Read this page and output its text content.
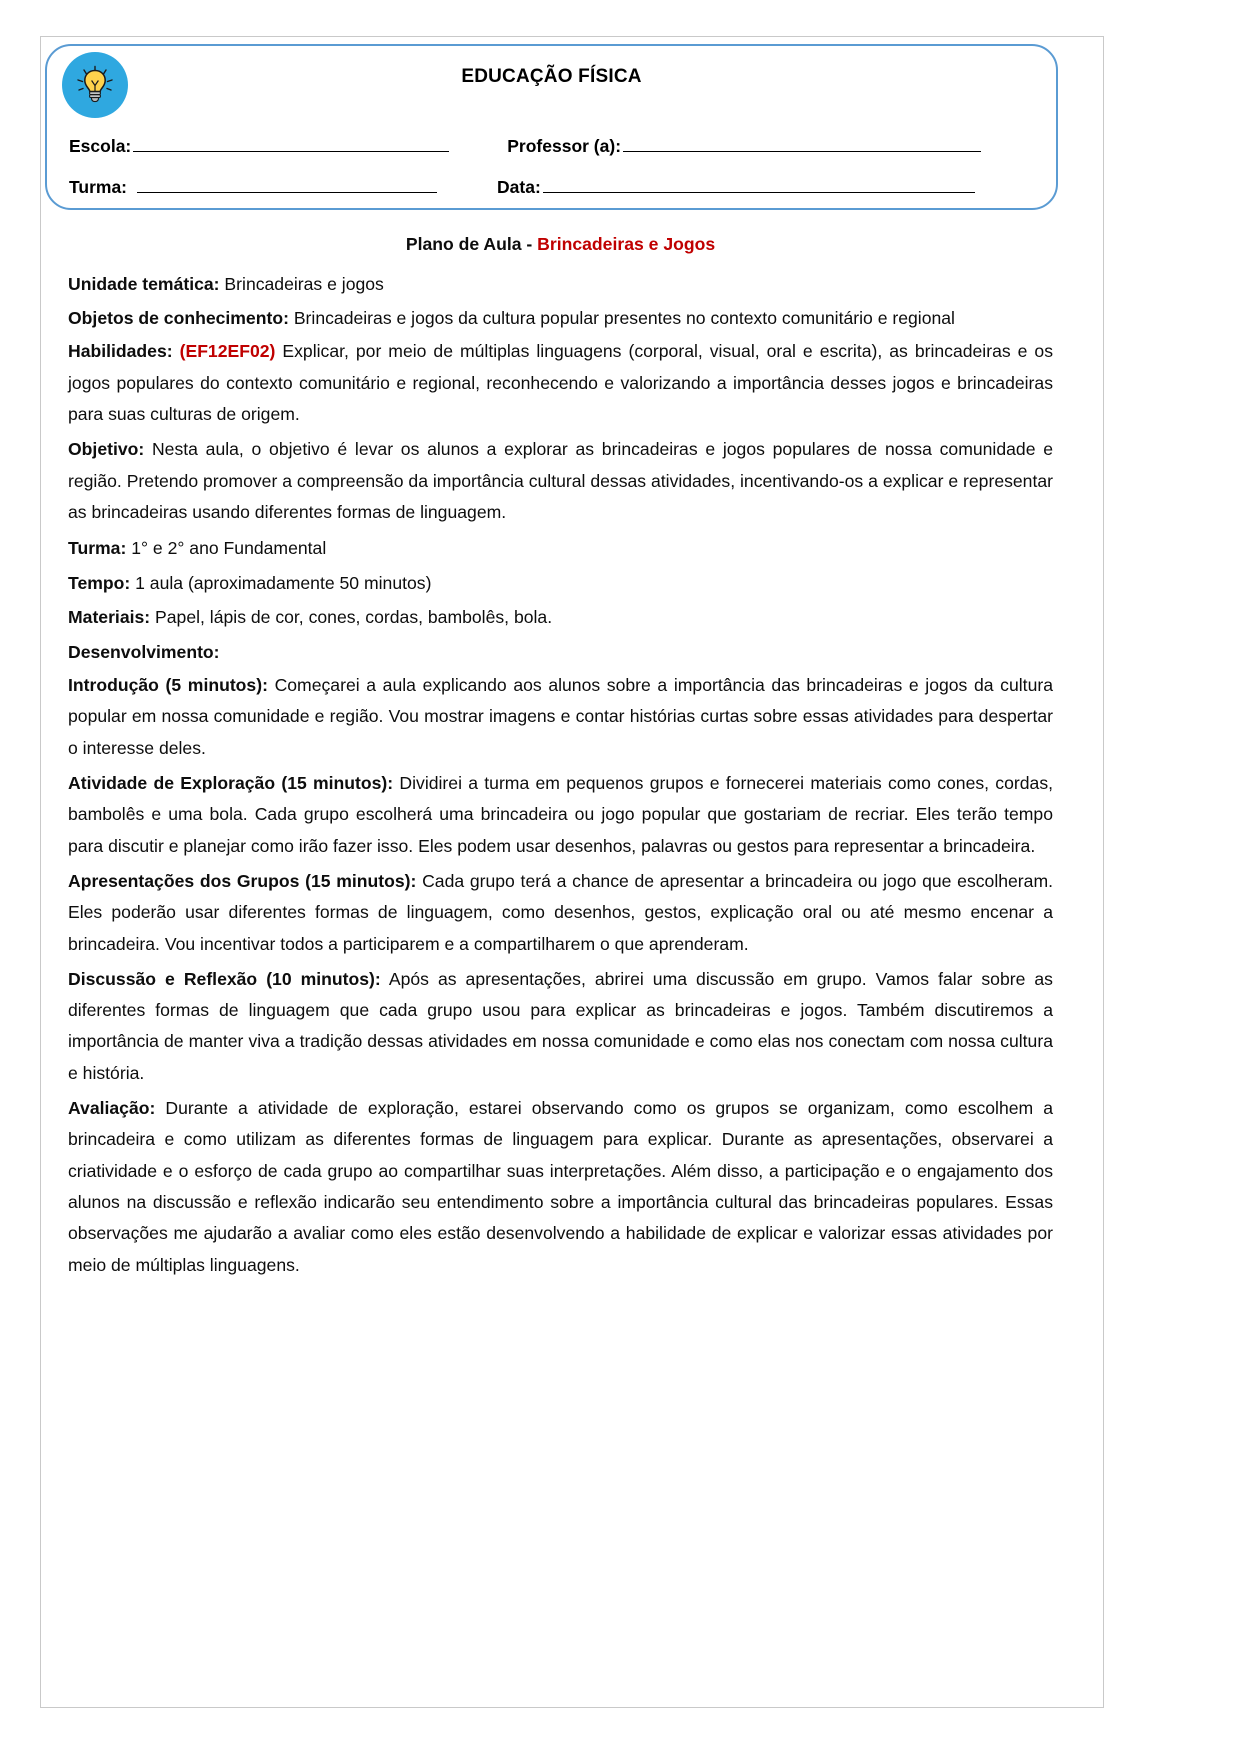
EDUCAÇÃO FÍSICA
Escola:	Professor (a):
Turma:	Data:
Plano de Aula - Brincadeiras e Jogos

Unidade temática: Brincadeiras e jogos

Objetos de conhecimento: Brincadeiras e jogos da cultura popular presentes no contexto comunitário e regional

Habilidades: (EF12EF02) Explicar, por meio de múltiplas linguagens (corporal, visual, oral e escrita), as brincadeiras e os jogos populares do contexto comunitário e regional, reconhecendo e valorizando a importância desses jogos e brincadeiras para suas culturas de origem.

Objetivo: Nesta aula, o objetivo é levar os alunos a explorar as brincadeiras e jogos populares de nossa comunidade e região. Pretendo promover a compreensão da importância cultural dessas atividades, incentivando-os a explicar e representar as brincadeiras usando diferentes formas de linguagem.

Turma: 1° e 2° ano Fundamental

Tempo: 1 aula (aproximadamente 50 minutos)

Materiais: Papel, lápis de cor, cones, cordas, bambolês, bola.

Desenvolvimento:

Introdução (5 minutos): Começarei a aula explicando aos alunos sobre a importância das brincadeiras e jogos da cultura popular em nossa comunidade e região. Vou mostrar imagens e contar histórias curtas sobre essas atividades para despertar o interesse deles.

Atividade de Exploração (15 minutos): Dividirei a turma em pequenos grupos e fornecerei materiais como cones, cordas, bambolês e uma bola. Cada grupo escolherá uma brincadeira ou jogo popular que gostariam de recriar. Eles terão tempo para discutir e planejar como irão fazer isso. Eles podem usar desenhos, palavras ou gestos para representar a brincadeira.

Apresentações dos Grupos (15 minutos): Cada grupo terá a chance de apresentar a brincadeira ou jogo que escolheram. Eles poderão usar diferentes formas de linguagem, como desenhos, gestos, explicação oral ou até mesmo encenar a brincadeira. Vou incentivar todos a participarem e a compartilharem o que aprenderam.

Discussão e Reflexão (10 minutos): Após as apresentações, abrirei uma discussão em grupo. Vamos falar sobre as diferentes formas de linguagem que cada grupo usou para explicar as brincadeiras e jogos. Também discutiremos a importância de manter viva a tradição dessas atividades em nossa comunidade e como elas nos conectam com nossa cultura e história.

Avaliação: Durante a atividade de exploração, estarei observando como os grupos se organizam, como escolhem a brincadeira e como utilizam as diferentes formas de linguagem para explicar. Durante as apresentações, observarei a criatividade e o esforço de cada grupo ao compartilhar suas interpretações. Além disso, a participação e o engajamento dos alunos na discussão e reflexão indicarão seu entendimento sobre a importância cultural das brincadeiras populares. Essas observações me ajudarão a avaliar como eles estão desenvolvendo a habilidade de explicar e valorizar essas atividades por meio de múltiplas linguagens.
